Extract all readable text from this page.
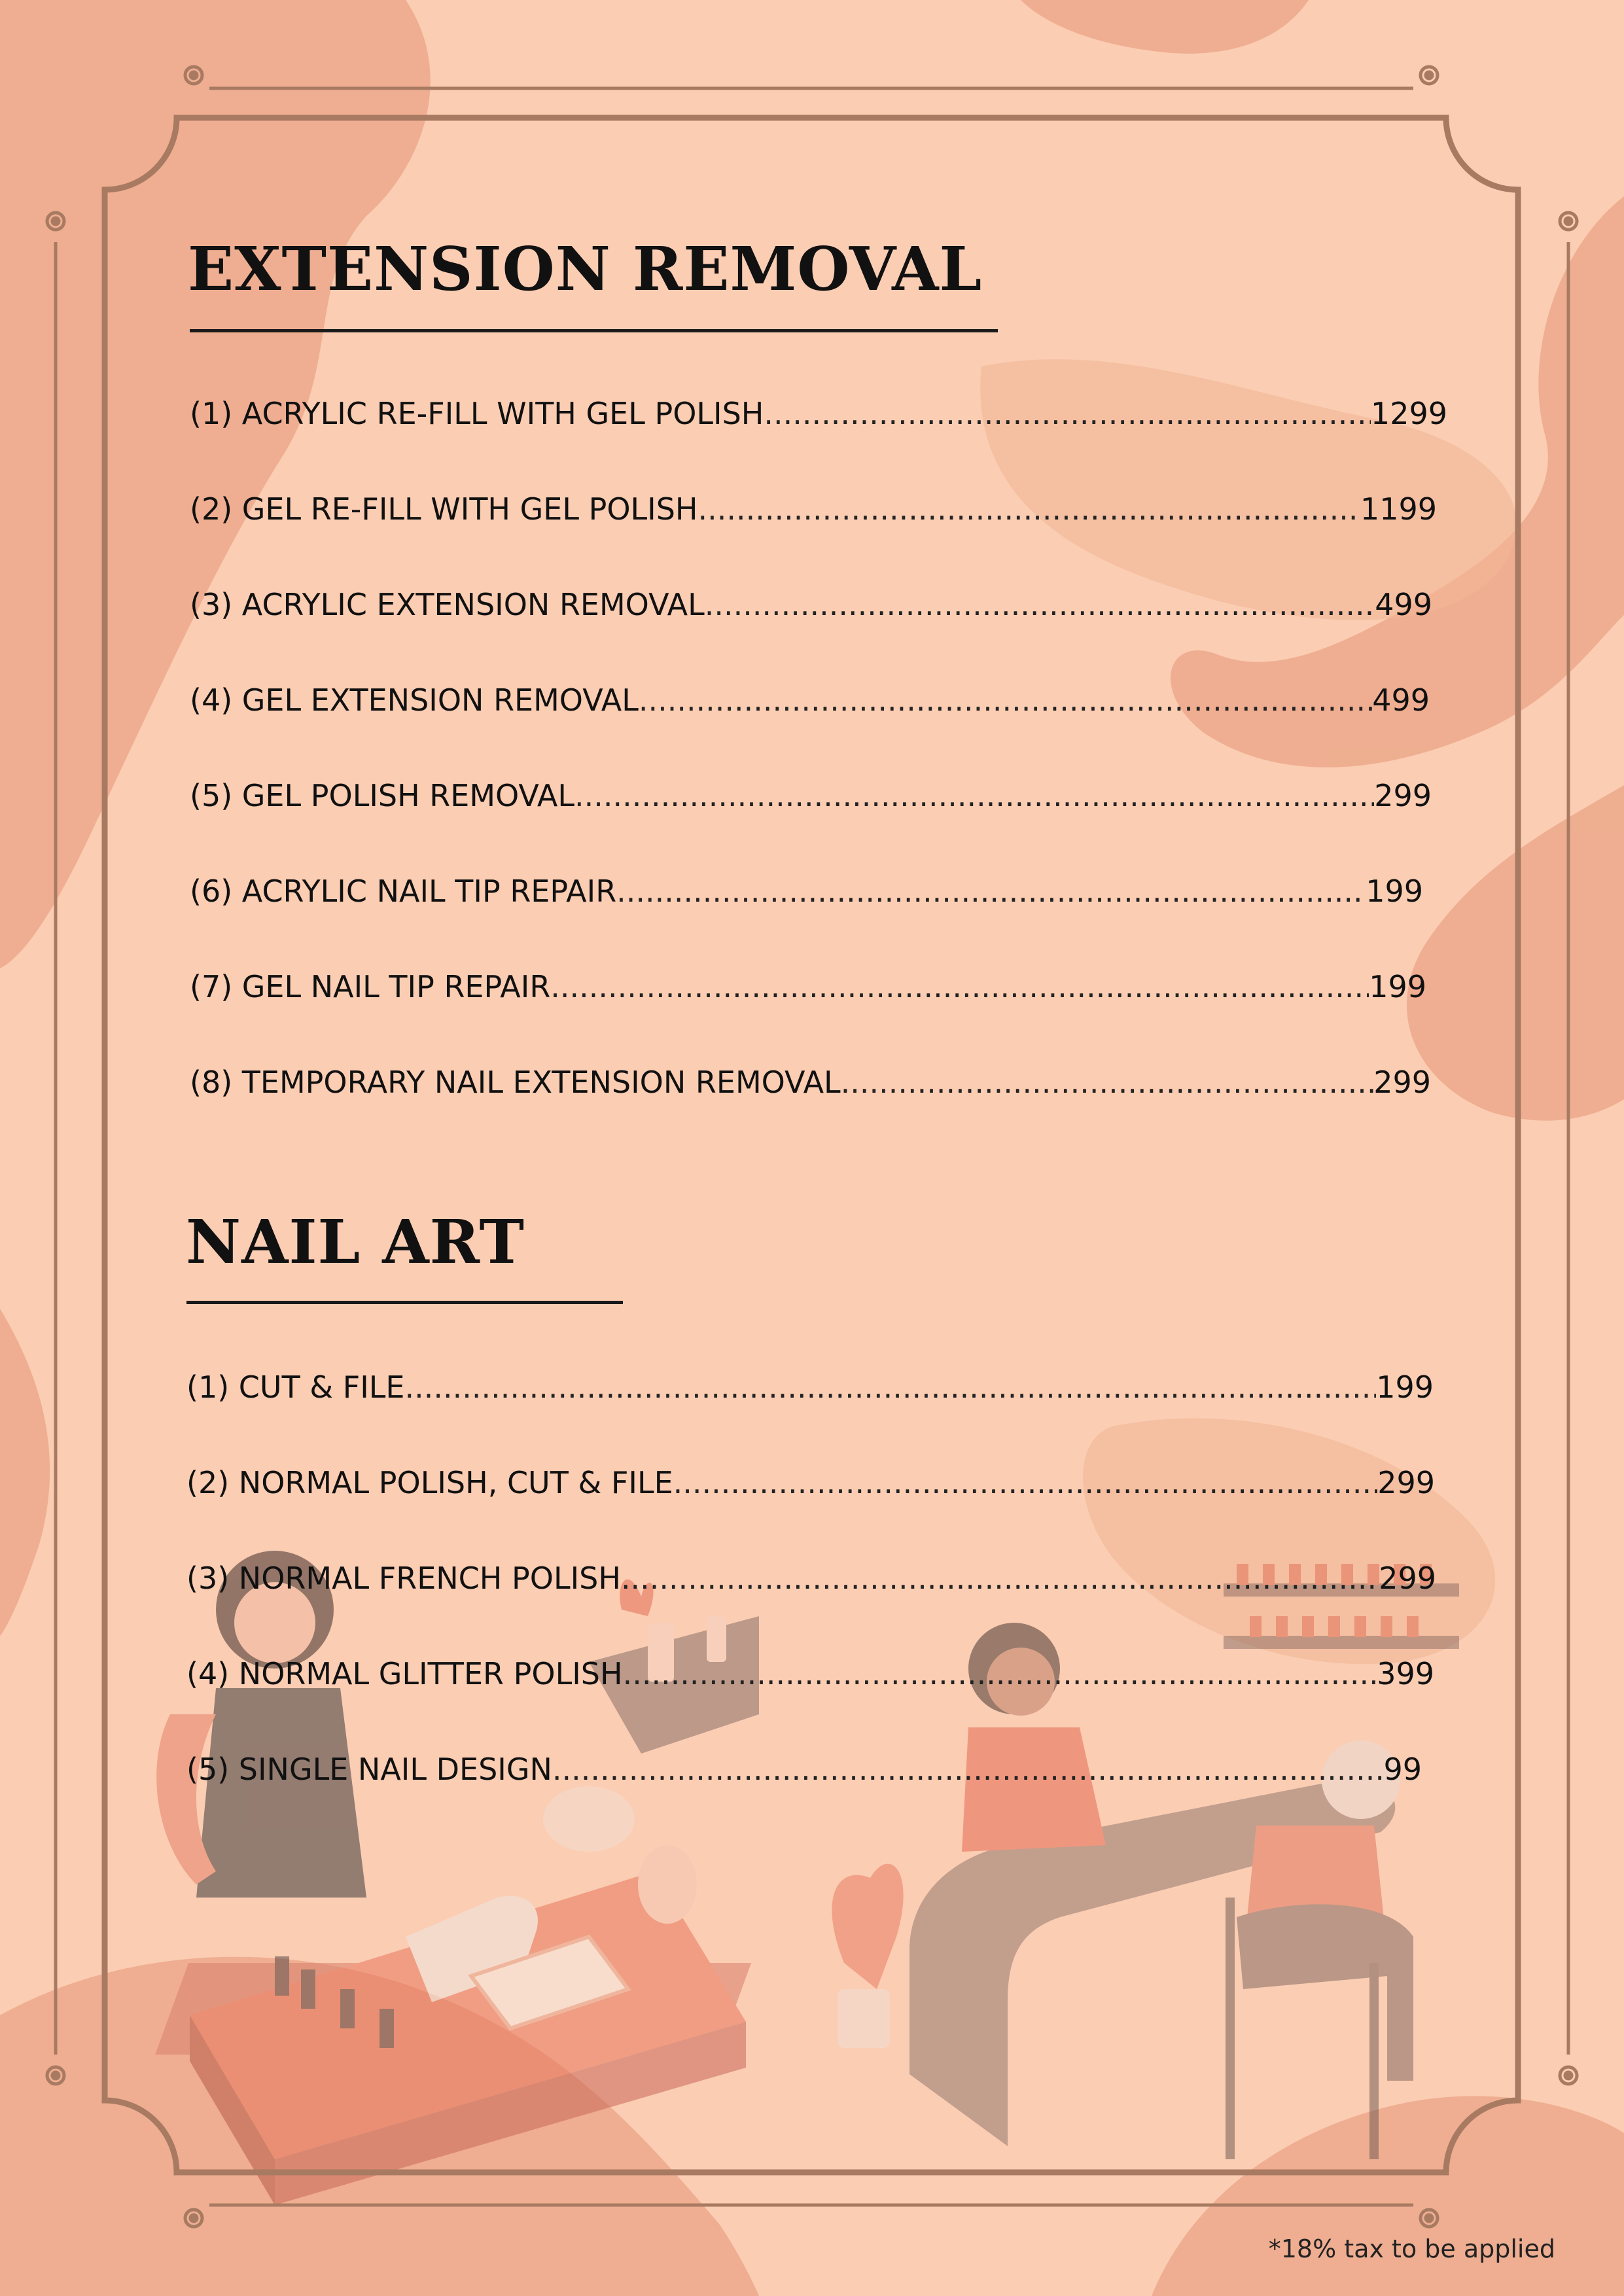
EXTENSION REMOVAL
(1) ACRYLIC RE-FILL WITH GEL POLISH .....	1299
(2) GEL RE-FILL WITH GEL POLISH .....	1199
(3) ACRYLIC EXTENSION REMOVAL .....	499
(4) GEL EXTENSION REMOVAL .....	499
(5) GEL POLISH REMOVAL .....	299
(6) ACRYLIC NAIL TIP REPAIR .....	199
(7) GEL NAIL TIP REPAIR .....	199
(8) TEMPORARY NAIL EXTENSION REMOVAL .....	299
NAIL ART
(1) CUT & FILE .....	199
(2) NORMAL POLISH, CUT & FILE .....	299
(3) NORMAL FRENCH POLISH .....	299
(4) NORMAL GLITTER POLISH .....	399
(5) SINGLE NAIL DESIGN .....	99
*18% tax to be applied
